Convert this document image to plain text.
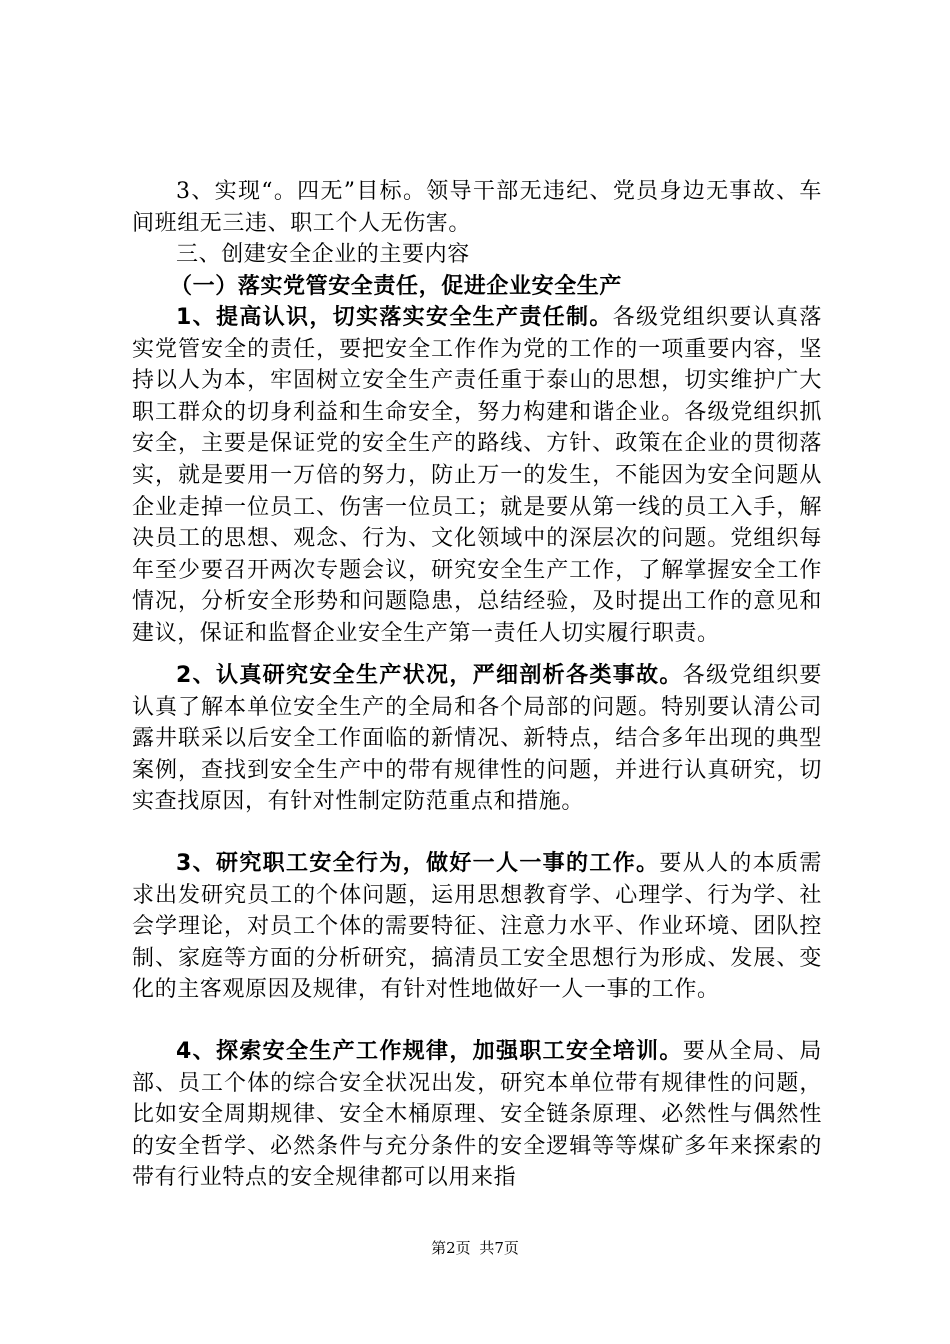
3、实现“。四无”目标。领导干部无违纪、党员身边无事故、车间班组无三违、职工个人无伤害。
三、创建安全企业的主要内容
（一）落实党管安全责任，促进企业安全生产
1、提高认识，切实落实安全生产责任制。各级党组织要认真落实党管安全的责任，要把安全工作作为党的工作的一项重要内容，坚持以人为本，牢固树立安全生产责任重于泰山的思想，切实维护广大职工群众的切身利益和生命安全，努力构建和谐企业。各级党组织抓安全，主要是保证党的安全生产的路线、方针、政策在企业的贯彻落实，就是要用一万倍的努力，防止万一的发生，不能因为安全问题从企业走掉一位员工、伤害一位员工；就是要从第一线的员工入手，解决员工的思想、观念、行为、文化领域中的深层次的问题。党组织每年至少要召开两次专题会议，研究安全生产工作，了解掌握安全工作情况，分析安全形势和问题隐患，总结经验，及时提出工作的意见和建议，保证和监督企业安全生产第一责任人切实履行职责。
2、认真研究安全生产状况，严细剖析各类事故。各级党组织要认真了解本单位安全生产的全局和各个局部的问题。特别要认清公司露井联采以后安全工作面临的新情况、新特点，结合多年出现的典型案例，查找到安全生产中的带有规律性的问题，并进行认真研究，切实查找原因，有针对性制定防范重点和措施。
3、研究职工安全行为，做好一人一事的工作。要从人的本质需求出发研究员工的个体问题，运用思想教育学、心理学、行为学、社会学理论，对员工个体的需要特征、注意力水平、作业环境、团队控制、家庭等方面的分析研究，搞清员工安全思想行为形成、发展、变化的主客观原因及规律，有针对性地做好一人一事的工作。
4、探索安全生产工作规律，加强职工安全培训。要从全局、局部、员工个体的综合安全状况出发，研究本单位带有规律性的问题，比如安全周期规律、安全木桶原理、安全链条原理、必然性与偶然性的安全哲学、必然条件与充分条件的安全逻辑等等煤矿多年来探索的带有行业特点的安全规律都可以用来指
第2页 共7页
